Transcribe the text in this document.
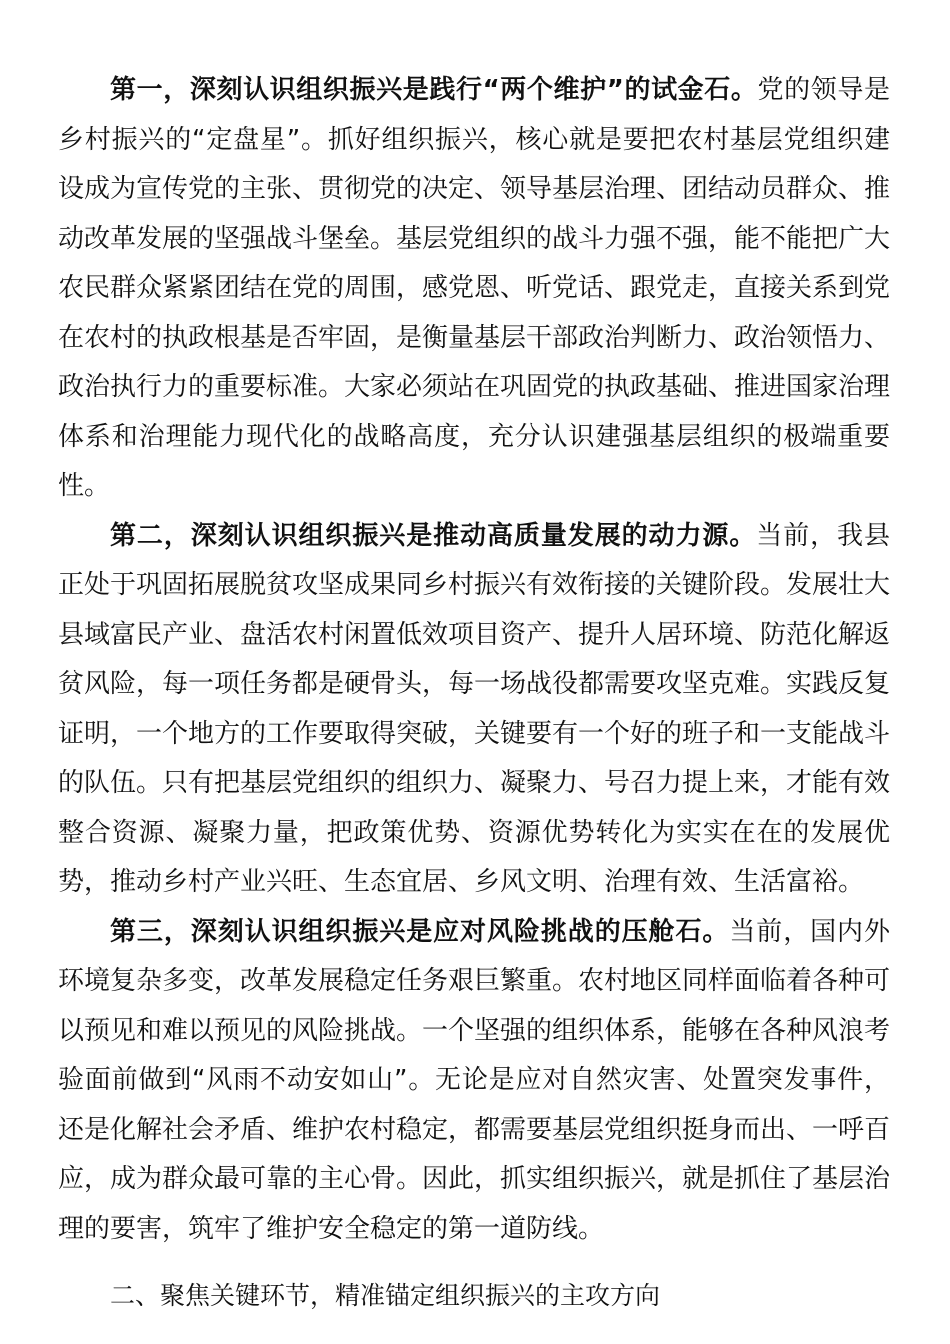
第一，深刻认识组织振兴是践行“两个维护”的试金石。党的领导是乡村振兴的“定盘星”。抓好组织振兴，核心就是要把农村基层党组织建设成为宣传党的主张、贯彻党的决定、领导基层治理、团结动员群众、推动改革发展的坚强战斗堡垒。基层党组织的战斗力强不强，能不能把广大农民群众紧紧团结在党的周围，感党恩、听党话、跟党走，直接关系到党在农村的执政根基是否牢固，是衡量基层干部政治判断力、政治领悟力、政治执行力的重要标准。大家必须站在巩固党的执政基础、推进国家治理体系和治理能力现代化的战略高度，充分认识建强基层组织的极端重要性。

第二，深刻认识组织振兴是推动高质量发展的动力源。当前，我县正处于巩固拓展脱贫攻坚成果同乡村振兴有效衔接的关键阶段。发展壮大县域富民产业、盘活农村闲置低效项目资产、提升人居环境、防范化解返贫风险，每一项任务都是硬骨头，每一场战役都需要攻坚克难。实践反复证明，一个地方的工作要取得突破，关键要有一个好的班子和一支能战斗的队伍。只有把基层党组织的组织力、凝聚力、号召力提上来，才能有效整合资源、凝聚力量，把政策优势、资源优势转化为实实在在的发展优势，推动乡村产业兴旺、生态宜居、乡风文明、治理有效、生活富裕。

第三，深刻认识组织振兴是应对风险挑战的压舱石。当前，国内外环境复杂多变，改革发展稳定任务艰巨繁重。农村地区同样面临着各种可以预见和难以预见的风险挑战。一个坚强的组织体系，能够在各种风浪考验面前做到“风雨不动安如山”。无论是应对自然灾害、处置突发事件，还是化解社会矛盾、维护农村稳定，都需要基层党组织挺身而出、一呼百应，成为群众最可靠的主心骨。因此，抓实组织振兴，就是抓住了基层治理的要害，筑牢了维护安全稳定的第一道防线。

二、聚焦关键环节，精准锚定组织振兴的主攻方向
